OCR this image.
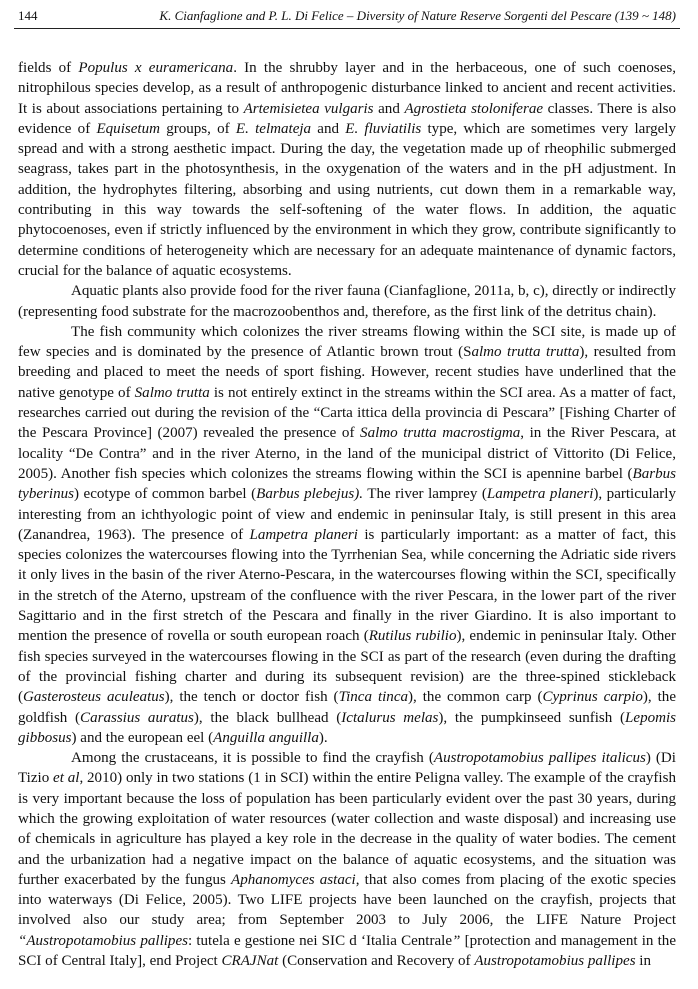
144	K. Cianfaglione and P. L. Di Felice – Diversity of Nature Reserve Sorgenti del Pescare (139 ~ 148)

fields of Populus x euramericana. In the shrubby layer and in the herbaceous, one of such coenoses, nitrophilous species develop, as a result of anthropogenic disturbance linked to ancient and recent activities. It is about associations pertaining to Artemisietea vulgaris and Agrostieta stoloniferae classes. There is also evidence of Equisetum groups, of E. telmateja and E. fluviatilis type, which are sometimes very largely spread and with a strong aesthetic impact. During the day, the vegetation made up of rheophilic submerged seagrass, takes part in the photosynthesis, in the oxygenation of the waters and in the pH adjustment. In addition, the hydrophytes filtering, absorbing and using nutrients, cut down them in a remarkable way, contributing in this way towards the self-softening of the water flows. In addition, the aquatic phytocoenoses, even if strictly influenced by the environment in which they grow, contribute significantly to determine conditions of heterogeneity which are necessary for an adequate maintenance of dynamic factors, crucial for the balance of aquatic ecosystems.

Aquatic plants also provide food for the river fauna (Cianfaglione, 2011a, b, c), directly or indirectly (representing food substrate for the macrozoobenthos and, therefore, as the first link of the detritus chain).

The fish community which colonizes the river streams flowing within the SCI site, is made up of few species and is dominated by the presence of Atlantic brown trout (Salmo trutta trutta), resulted from breeding and placed to meet the needs of sport fishing. However, recent studies have underlined that the native genotype of Salmo trutta is not entirely extinct in the streams within the SCI area. As a matter of fact, researches carried out during the revision of the “Carta ittica della provincia di Pescara” [Fishing Charter of the Pescara Province] (2007) revealed the presence of Salmo trutta macrostigma, in the River Pescara, at locality “De Contra” and in the river Aterno, in the land of the municipal district of Vittorito (Di Felice, 2005). Another fish species which colonizes the streams flowing within the SCI is apennine barbel (Barbus tyberinus) ecotype of common barbel (Barbus plebejus). The river lamprey (Lampetra planeri), particularly interesting from an ichthyologic point of view and endemic in peninsular Italy, is still present in this area (Zanandrea, 1963). The presence of Lampetra planeri is particularly important: as a matter of fact, this species colonizes the watercourses flowing into the Tyrrhenian Sea, while concerning the Adriatic side rivers it only lives in the basin of the river Aterno-Pescara, in the watercourses flowing within the SCI, specifically in the stretch of the Aterno, upstream of the confluence with the river Pescara, in the lower part of the river Sagittario and in the first stretch of the Pescara and finally in the river Giardino. It is also important to mention the presence of rovella or south european roach (Rutilus rubilio), endemic in peninsular Italy. Other fish species surveyed in the watercourses flowing in the SCI as part of the research (even during the drafting of the provincial fishing charter and during its subsequent revision) are the three-spined stickleback (Gasterosteus aculeatus), the tench or doctor fish (Tinca tinca), the common carp (Cyprinus carpio), the goldfish (Carassius auratus), the black bullhead (Ictalurus melas), the pumpkinseed sunfish (Lepomis gibbosus) and the european eel (Anguilla anguilla).

Among the crustaceans, it is possible to find the crayfish (Austropotamobius pallipes italicus) (Di Tizio et al, 2010) only in two stations (1 in SCI) within the entire Peligna valley. The example of the crayfish is very important because the loss of population has been particularly evident over the past 30 years, during which the growing exploitation of water resources (water collection and waste disposal) and increasing use of chemicals in agriculture has played a key role in the decrease in the quality of water bodies. The cement and the urbanization had a negative impact on the balance of aquatic ecosystems, and the situation was further exacerbated by the fungus Aphanomyces astaci, that also comes from placing of the exotic species into waterways (Di Felice, 2005). Two LIFE projects have been launched on the crayfish, projects that involved also our study area; from September 2003 to July 2006, the LIFE Nature Project “Austropotamobius pallipes: tutela e gestione nei SIC d ‘Italia Centrale” [protection and management in the SCI of Central Italy], end Project CRAJNat (Conservation and Recovery of Austropotamobius pallipes in
